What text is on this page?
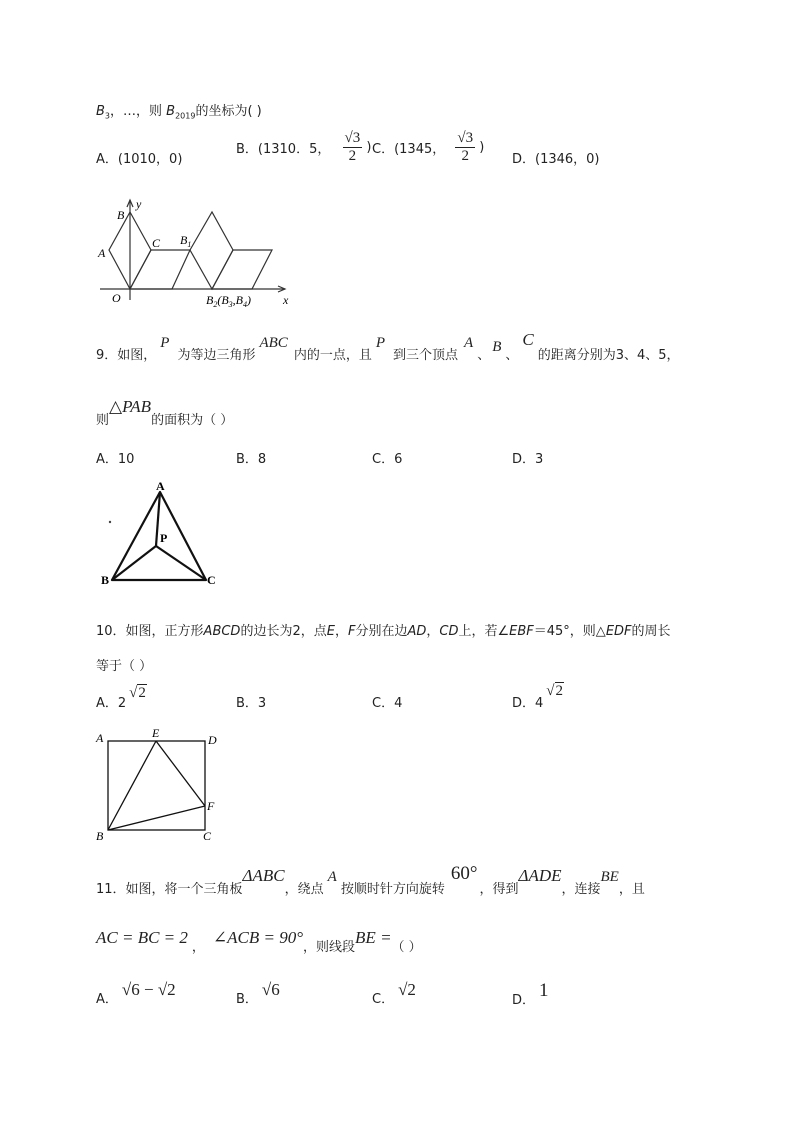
$B_3$，…，则 $B_{2019}$的坐标为( )
A．(1010，0)
B．(1310．5， $\frac{√3}{2}$ ) C．(1345， $\frac{√3}{2}$ )
D．(1346，0)
y
B
A
C $B_1$
O	$B_2(B_3,B_4)$	x
9．如图，P为等边三角形ABC内的一点，且P到三个顶点A、B、C的距离分别为3、4、5，
则△PAB的面积为（ ）
A．10	B．8	C．6	D．3
A
P
B	C
10．如图，正方形ABCD的边长为2，点E，F分别在边AD，CD上，若∠EBF＝45°，则△EDF的周长
等于（ ）
A．2√2
B．3	C．4	D．4√2
A	E	D
F
B	C
11．如图，将一个三角板ΔABC，绕点A按顺时针方向旋转60°，得到ΔADE，连接BE，且
AC = BC = 2，∠ACB = 90°，则线段BE =（ ）
A．√6 − √2
B．√6
C．√2
D． 1
